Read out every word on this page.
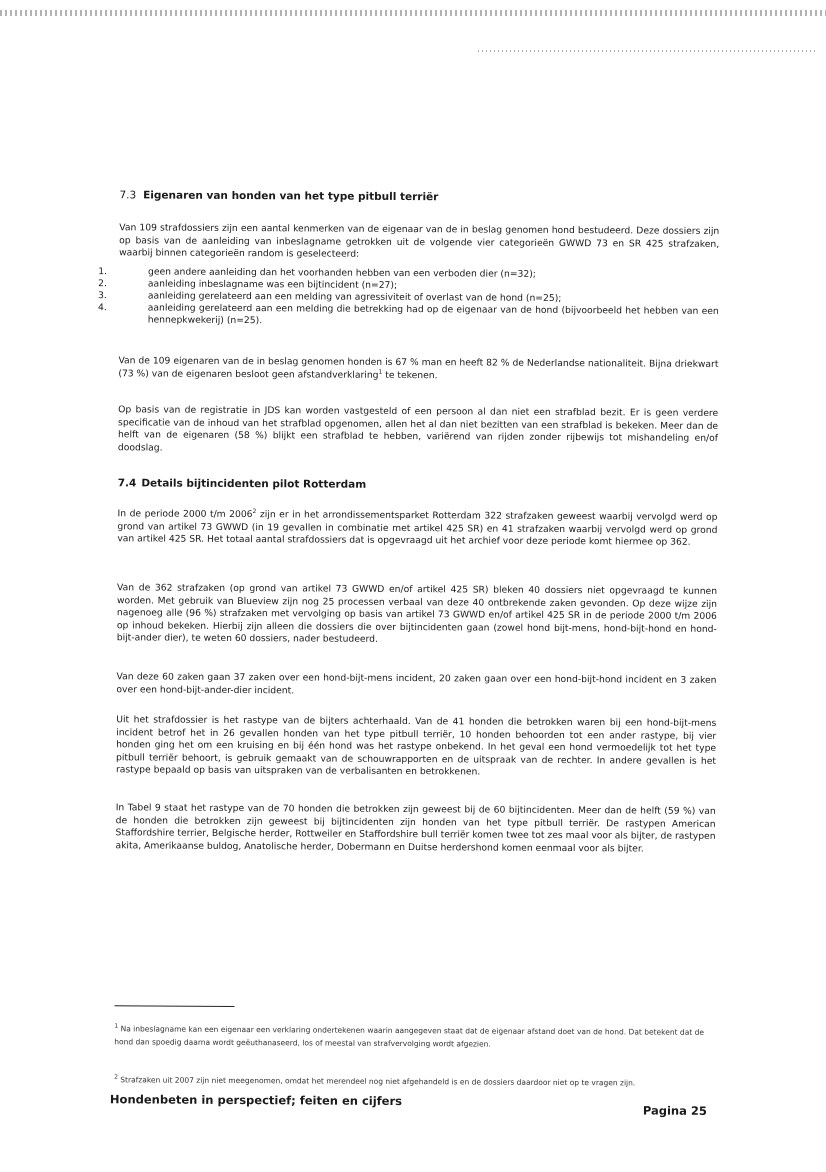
7.3 Eigenaren van honden van het type pitbull terriër

Van 109 strafdossiers zijn een aantal kenmerken van de eigenaar van de in beslag genomen hond bestudeerd. Deze dossiers zijn op basis van de aanleiding van inbeslagname getrokken uit de volgende vier categorieën GWWD 73 en SR 425 strafzaken, waarbij binnen categorieën random is geselecteerd:

1.	geen andere aanleiding dan het voorhanden hebben van een verboden dier (n=32);
2.	aanleiding inbeslagname was een bijtincident (n=27);
3.	aanleiding gerelateerd aan een melding van agressiviteit of overlast van de hond (n=25);
4.	aanleiding gerelateerd aan een melding die betrekking had op de eigenaar van de hond (bijvoorbeeld het hebben van een hennepkwekerij) (n=25).

Van de 109 eigenaren van de in beslag genomen honden is 67 % man en heeft 82 % de Nederlandse nationaliteit. Bijna driekwart (73 %) van de eigenaren besloot geen afstandverklaring$^1$ te tekenen.

Op basis van de registratie in JDS kan worden vastgesteld of een persoon al dan niet een strafblad bezit. Er is geen verdere specificatie van de inhoud van het strafblad opgenomen, allen het al dan niet bezitten van een strafblad is bekeken. Meer dan de helft van de eigenaren (58 %) blijkt een strafblad te hebben, variërend van rijden zonder rijbewijs tot mishandeling en/of doodslag.

7.4 Details bijtincidenten pilot Rotterdam

In de periode 2000 t/m 2006$^2$ zijn er in het arrondissementsparket Rotterdam 322 strafzaken geweest waarbij vervolgd werd op grond van artikel 73 GWWD (in 19 gevallen in combinatie met artikel 425 SR) en 41 strafzaken waarbij vervolgd werd op grond van artikel 425 SR. Het totaal aantal strafdossiers dat is opgevraagd uit het archief voor deze periode komt hiermee op 362.

Van de 362 strafzaken (op grond van artikel 73 GWWD en/of artikel 425 SR) bleken 40 dossiers niet opgevraagd te kunnen worden. Met gebruik van Blueview zijn nog 25 processen verbaal van deze 40 ontbrekende zaken gevonden. Op deze wijze zijn nagenoeg alle (96 %) strafzaken met vervolging op basis van artikel 73 GWWD en/of artikel 425 SR in de periode 2000 t/m 2006 op inhoud bekeken. Hierbij zijn alleen die dossiers die over bijtincidenten gaan (zowel hond bijt-mens, hond-bijt-hond en hond-bijt-ander dier), te weten 60 dossiers, nader bestudeerd.

Van deze 60 zaken gaan 37 zaken over een hond-bijt-mens incident, 20 zaken gaan over een hond-bijt-hond incident en 3 zaken over een hond-bijt-ander-dier incident.

Uit het strafdossier is het rastype van de bijters achterhaald. Van de 41 honden die betrokken waren bij een hond-bijt-mens incident betrof het in 26 gevallen honden van het type pitbull terriër, 10 honden behoorden tot een ander rastype, bij vier honden ging het om een kruising en bij één hond was het rastype onbekend. In het geval een hond vermoedelijk tot het type pitbull terriër behoort, is gebruik gemaakt van de schouwrapporten en de uitspraak van de rechter. In andere gevallen is het rastype bepaald op basis van uitspraken van de verbalisanten en betrokkenen.

In Tabel 9 staat het rastype van de 70 honden die betrokken zijn geweest bij de 60 bijtincidenten. Meer dan de helft (59 %) van de honden die betrokken zijn geweest bij bijtincidenten zijn honden van het type pitbull terriër. De rastypen American Staffordshire terrier, Belgische herder, Rottweiler en Staffordshire bull terriër komen twee tot zes maal voor als bijter, de rastypen akita, Amerikaanse buldog, Anatolische herder, Dobermann en Duitse herdershond komen eenmaal voor als bijter.

$^1$ Na inbeslagname kan een eigenaar een verklaring ondertekenen waarin aangegeven staat dat de eigenaar afstand doet van de hond. Dat betekent dat de hond dan spoedig daarna wordt geëuthanaseerd, los of meestal van strafvervolging wordt afgezien.
$^2$ Strafzaken uit 2007 zijn niet meegenomen, omdat het merendeel nog niet afgehandeld is en de dossiers daardoor niet op te vragen zijn.
Hondenbeten in perspectief; feiten en cijfers
Pagina 25
